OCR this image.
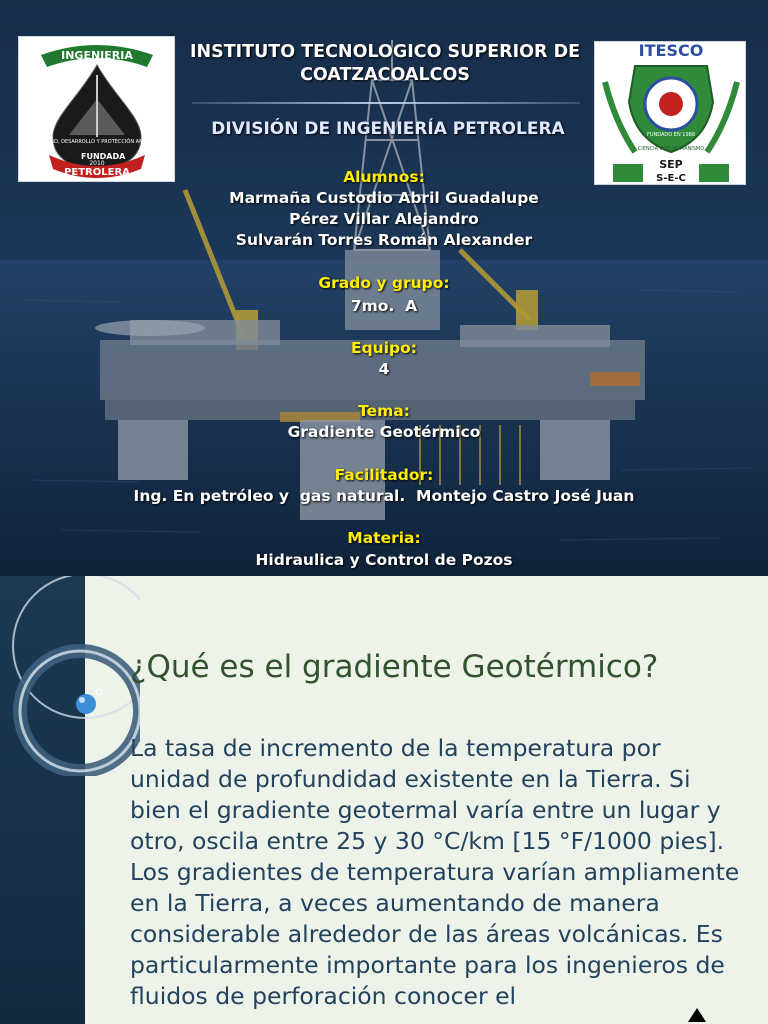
INGENIERIA
PROGRESO, DESARROLLO Y PROTECCIÓN AMBIENTAL
FUNDADA
2010
PETROLERA
INSTITUTO TECNOLOGICO SUPERIOR DE COATZACOALCOS
DIVISIÓN DE INGENIERÍA PETROLERA
ITESCO
FUNDADO EN 1988
CIENCIA CON HUMANISMO
SEP
S-E-C
Alumnos:
Marmaña Custodio Abril Guadalupe
Pérez Villar Alejandro
Sulvarán Torres Román Alexander
Grado y grupo:
7mo.  A
Equipo:
4
Tema:
Gradiente Geotérmico
Facilitador:
Ing. En petróleo y  gas natural.  Montejo Castro José Juan
Materia:
Hidraulica y Control de Pozos
¿Qué es el gradiente Geotérmico?
La tasa de incremento de la temperatura por unidad de profundidad existente en la Tierra. Si bien el gradiente geotermal varía entre un lugar y otro, oscila entre 25 y 30 °C/km [15 °F/1000 pies]. Los gradientes de temperatura varían ampliamente en la Tierra, a veces aumentando de manera considerable alrededor de las áreas volcánicas. Es particularmente importante para los ingenieros de fluidos de perforación conocer el
